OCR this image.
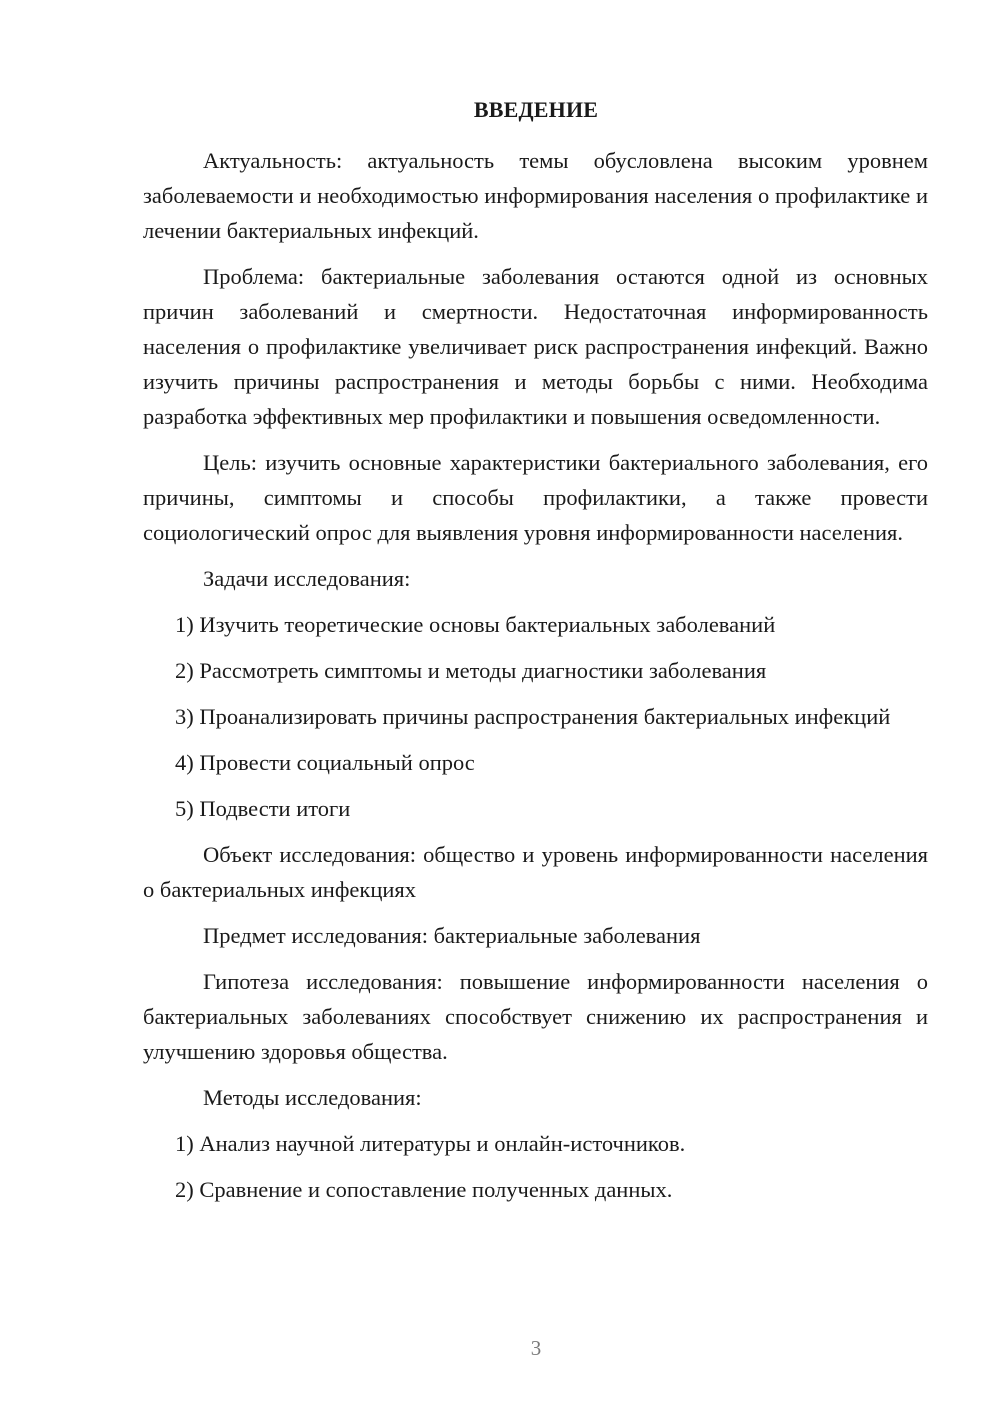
ВВЕДЕНИЕ

Актуальность: актуальность темы обусловлена высоким уровнем заболеваемости и необходимостью информирования населения о профилактике и лечении бактериальных инфекций.

Проблема: бактериальные заболевания остаются одной из основных причин заболеваний и смертности. Недостаточная информированность населения о профилактике увеличивает риск распространения инфекций. Важно изучить причины распространения и методы борьбы с ними. Необходима разработка эффективных мер профилактики и повышения осведомленности.

Цель: изучить основные характеристики бактериального заболевания, его причины, симптомы и способы профилактики, а также провести социологический опрос для выявления уровня информированности населения.

Задачи исследования:

1) Изучить теоретические основы бактериальных заболеваний

2) Рассмотреть симптомы и методы диагностики заболевания

3) Проанализировать причины распространения бактериальных инфекций

4) Провести социальный опрос

5) Подвести итоги

Объект исследования: общество и уровень информированности населения о бактериальных инфекциях

Предмет исследования: бактериальные заболевания

Гипотеза исследования: повышение информированности населения о бактериальных заболеваниях способствует снижению их распространения и улучшению здоровья общества.

Методы исследования:

1) Анализ научной литературы и онлайн-источников.

2) Сравнение и сопоставление полученных данных.

3
